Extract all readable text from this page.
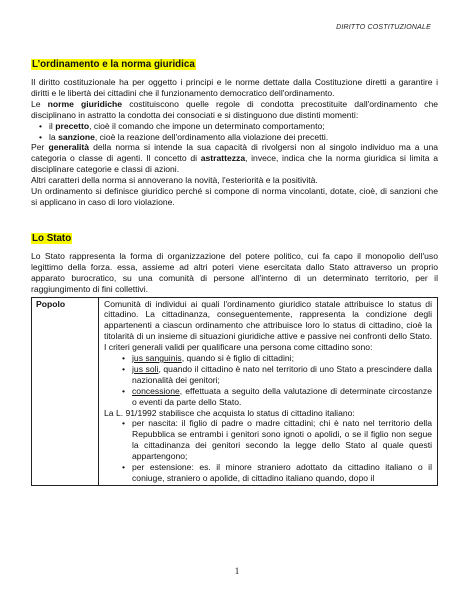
DIRITTO COSTITUZIONALE
L’ordinamento e la norma giuridica

Il diritto costituzionale ha per oggetto i principi e le norme dettate dalla Costituzione diretti a garantire i diritti e le libertà dei cittadini che il funzionamento democratico dell'ordinamento.

Le norme giuridiche costituiscono quelle regole di condotta precostituite dall'ordinamento che disciplinano in astratto la condotta dei consociati e si distinguono due distinti momenti:

• il precetto, cioè il comando che impone un determinato comportamento;
• la sanzione, cioè la reazione dell'ordinamento alla violazione dei precetti.

Per generalità della norma si intende la sua capacità di rivolgersi non al singolo individuo ma a una categoria o classe di agenti. Il concetto di astrattezza, invece, indica che la norma giuridica si limita a disciplinare categorie e classi di azioni.

Altri caratteri della norma si annoverano la novità, l'esteriorità e la positività.

Un ordinamento si definisce giuridico perché si compone di norma vincolanti, dotate, cioè, di sanzioni che si applicano in caso di loro violazione.

Lo Stato

Lo Stato rappresenta la forma di organizzazione del potere politico, cui fa capo il monopolio dell'uso legittimo della forza. essa, assieme ad altri poteri viene esercitata dallo Stato attraverso un proprio apparato burocratico, su una comunità di persone all'interno di un determinato territorio, per il raggiungimento di fini collettivi.

Popolo	Comunità di individui ai quali l'ordinamento giuridico statale attribuisce lo status di cittadino. La cittadinanza, conseguentemente, rappresenta la condizione degli appartenenti a ciascun ordinamento che attribuisce loro lo status di cittadino, cioè la titolarità di un insieme di situazioni giuridiche attive e passive nei confronti dello Stato. I criteri generali validi per qualificare una persona come cittadino sono:
• jus sanguinis, quando si è figlio di cittadini;
• jus soli, quando il cittadino è nato nel territorio di uno Stato a prescindere dalla nazionalità dei genitori;
• concessione, effettuata a seguito della valutazione di determinate circostanze o eventi da parte dello Stato.
La L. 91/1992 stabilisce che acquista lo status di cittadino italiano:
• per nascita: il figlio di padre o madre cittadini; chi è nato nel territorio della Repubblica se entrambi i genitori sono ignoti o apolidi, o se il figlio non segue la cittadinanza dei genitori secondo la legge dello Stato al quale questi appartengono;
• per estensione: es. il minore straniero adottato da cittadino italiano o il coniuge, straniero o apolide, di cittadino italiano quando, dopo il
1
